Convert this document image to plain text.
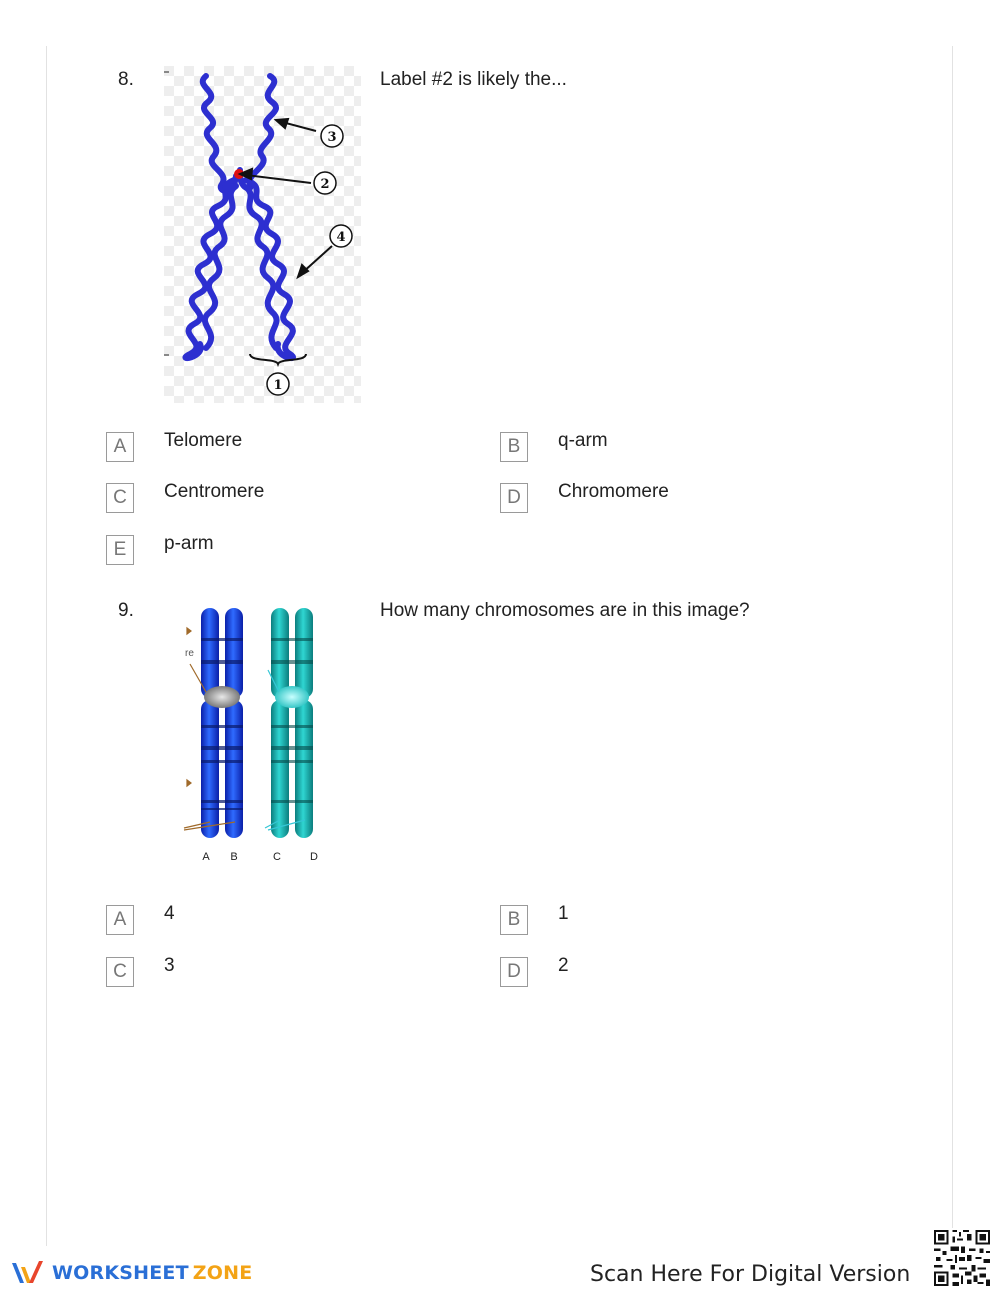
8.
3
2
4
1
Label #2 is likely the...
A	Telomere	B	q-arm
C	Centromere	D	Chromomere
E	p-arm
9.
re
A B	C	D
How many chromosomes are in this image?
A	4	B	1
C	3	D	2
WORKSHEET ZONE	Scan Here For Digital Version
